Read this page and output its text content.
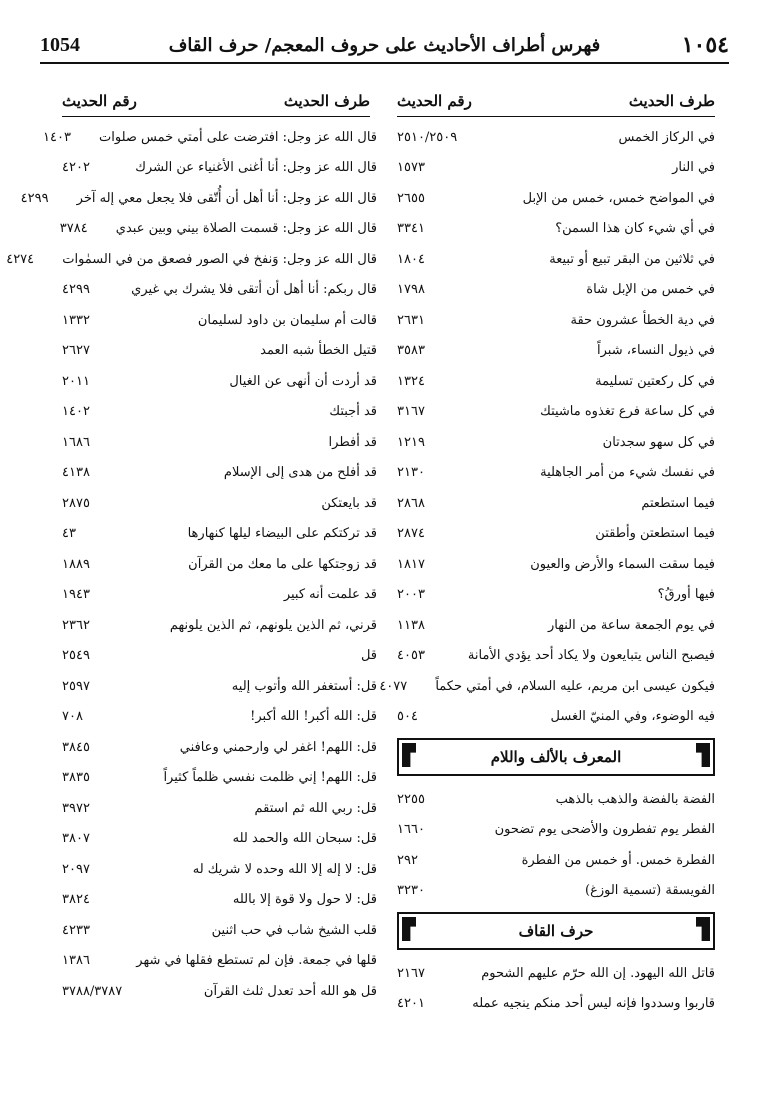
1054	فهرس أطراف الأحاديث على حروف المعجم/ حرف القاف	١٠٥٤
طرف الحديث
رقم الحديث
طرف الحديث
رقم الحديث
في الركاز الخمس
٢٥١٠/٢٥٠٩
في النار
١٥٧٣
في المواضح خمس، خمس من الإبل
٢٦٥٥
في أي شيء كان هذا السمن؟
٣٣٤١
في ثلاثين من البقر تبيع أو تبيعة
١٨٠٤
في خمس من الإبل شاة
١٧٩٨
في دية الخطأ عشرون حقة
٢٦٣١
في ذيول النساء، شبراً
٣٥٨٣
في كل ركعتين تسليمة
١٣٢٤
في كل ساعة فرع تغذوه ماشيتك
٣١٦٧
في كل سهو سجدتان
١٢١٩
في نفسك شيء من أمر الجاهلية
٢١٣٠
فيما استطعتم
٢٨٦٨
فيما استطعتن وأطقتن
٢٨٧٤
فيما سقت السماء والأرض والعيون
١٨١٧
فيها أورقُ؟
٢٠٠٣
في يوم الجمعة ساعة من النهار
١١٣٨
فيصبح الناس يتبايعون ولا يكاد أحد يؤدي الأمانة
٤٠٥٣
فيكون عيسى ابن مريم، عليه السلام، في أمتي حكماً
٤٠٧٧
فيه الوضوء، وفي المنيّ الغسل
٥٠٤
المعرف بالألف واللام
الفضة بالفضة والذهب بالذهب
٢٢٥٥
الفطر يوم تفطرون والأضحى يوم تضحون
١٦٦٠
الفطرة خمس. أو خمس من الفطرة
٢٩٢
الفويسقة (تسمية الوزغ)
٣٢٣٠
حرف القاف
قاتل الله اليهود. إن الله حرّم عليهم الشحوم
٢١٦٧
قاربوا وسددوا فإنه ليس أحد منكم ينجيه عمله
٤٢٠١
قال الله عز وجل: افترضت على أمتي خمس صلوات
١٤٠٣
قال الله عز وجل: أنا أغنى الأغنياء عن الشرك
٤٢٠٢
قال الله عز وجل: أنا أهل أن أُتّقى فلا يجعل معي إله آخر
٤٢٩٩
قال الله عز وجل: قسمت الصلاة بيني وبين عبدي
٣٧٨٤
قال الله عز وجل: وَنفخ في الصور فصعق من في السمٰوات
٤٢٧٤
قال ربكم: أنا أهل أن أتقى فلا يشرك بي غيري
٤٢٩٩
قالت أم سليمان بن داود لسليمان
١٣٣٢
قتيل الخطأ شبه العمد
٢٦٢٧
قد أردت أن أنهى عن الغيال
٢٠١١
قد أجبتك
١٤٠٢
قد أفطرا
١٦٨٦
قد أفلح من هدى إلى الإسلام
٤١٣٨
قد بايعتكن
٢٨٧٥
قد تركتكم على البيضاء ليلها كنهارها
٤٣
قد زوجتكها على ما معك من القرآن
١٨٨٩
قد علمت أنه كبير
١٩٤٣
قرني، ثم الذين يلونهم، ثم الذين يلونهم
٢٣٦٢
قل
٢٥٤٩
قل: أستغفر الله وأتوب إليه
٢٥٩٧
قل: الله أكبر! الله أكبر!
٧٠٨
قل: اللهم! اغفر لي وارحمني وعافني
٣٨٤٥
قل: اللهم! إني ظلمت نفسي ظلماً كثيراً
٣٨٣٥
قل: ربي الله ثم استقم
٣٩٧٢
قل: سبحان الله والحمد لله
٣٨٠٧
قل: لا إله إلا الله وحده لا شريك له
٢٠٩٧
قل: لا حول ولا قوة إلا بالله
٣٨٢٤
قلب الشيخ شاب في حب اثنين
٤٢٣٣
قلها في جمعة. فإن لم تستطع فقلها في شهر
١٣٨٦
قل هو الله أحد تعدل ثلث القرآن
٣٧٨٨/٣٧٨٧
